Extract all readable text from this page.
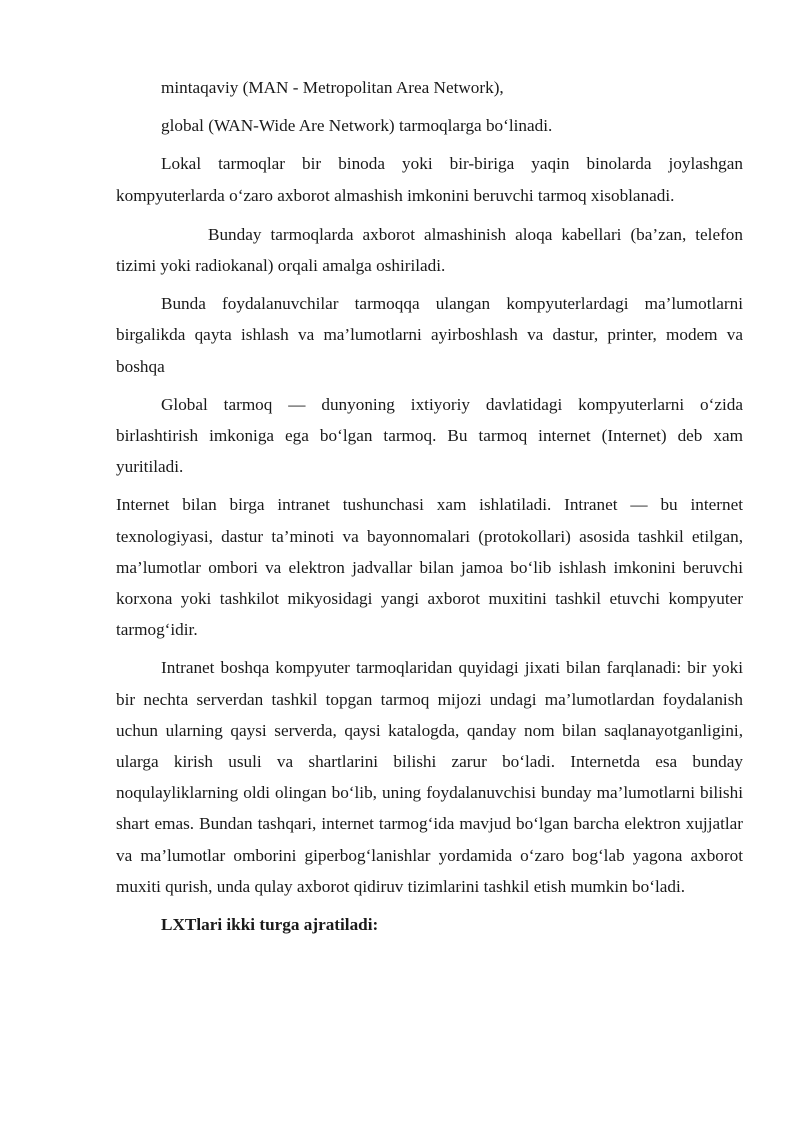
mintaqaviy (MAN - Metropolitan Area Network),

global (WAN-Wide Are Network) tarmoqlarga bo‘linadi.

Lokal tarmoqlar bir binoda yoki bir-biriga yaqin binolarda joylashgan kompyuterlarda o‘zaro axborot almashish imkonini beruvchi tarmoq xisoblanadi.

Bunday tarmoqlarda axborot almashinish aloqa kabellari (ba’zan, telefon tizimi yoki radiokanal) orqali amalga oshiriladi.

Bunda foydalanuvchilar tarmoqqa ulangan kompyuterlardagi ma’lumotlarni birgalikda qayta ishlash va ma’lumotlarni ayirboshlash va dastur, printer, modem va boshqa

Global tarmoq — dunyoning ixtiyoriy davlatidagi kompyuterlarni o‘zida birlashtirish imkoniga ega bo‘lgan tarmoq. Bu tarmoq internet (Internet) deb xam yuritiladi.

Internet bilan birga intranet tushunchasi xam ishlatiladi. Intranet — bu internet texnologiyasi, dastur ta’minoti va bayonnomalari (protokollari) asosida tashkil etilgan, ma’lumotlar ombori va elektron jadvallar bilan jamoa bo‘lib ishlash imkonini beruvchi korxona yoki tashkilot mikyosidagi yangi axborot muxitini tashkil etuvchi kompyuter tarmog‘idir.

Intranet boshqa kompyuter tarmoqlaridan quyidagi jixati bilan farqlanadi: bir yoki bir nechta serverdan tashkil topgan tarmoq mijozi undagi ma’lumotlardan foydalanish uchun ularning qaysi serverda, qaysi katalogda, qanday nom bilan saqlanayotganligini, ularga kirish usuli va shartlarini bilishi zarur bo‘ladi. Internetda esa bunday noqulayliklarning oldi olingan bo‘lib, uning foydalanuvchisi bunday ma’lumotlarni bilishi shart emas. Bundan tashqari, internet tarmog‘ida mavjud bo‘lgan barcha elektron xujjatlar va ma’lumotlar omborini giperbog‘lanishlar yordamida o‘zaro bog‘lab yagona axborot muxiti qurish, unda qulay axborot qidiruv tizimlarini tashkil etish mumkin bo‘ladi.

LXTlari ikki turga ajratiladi:
